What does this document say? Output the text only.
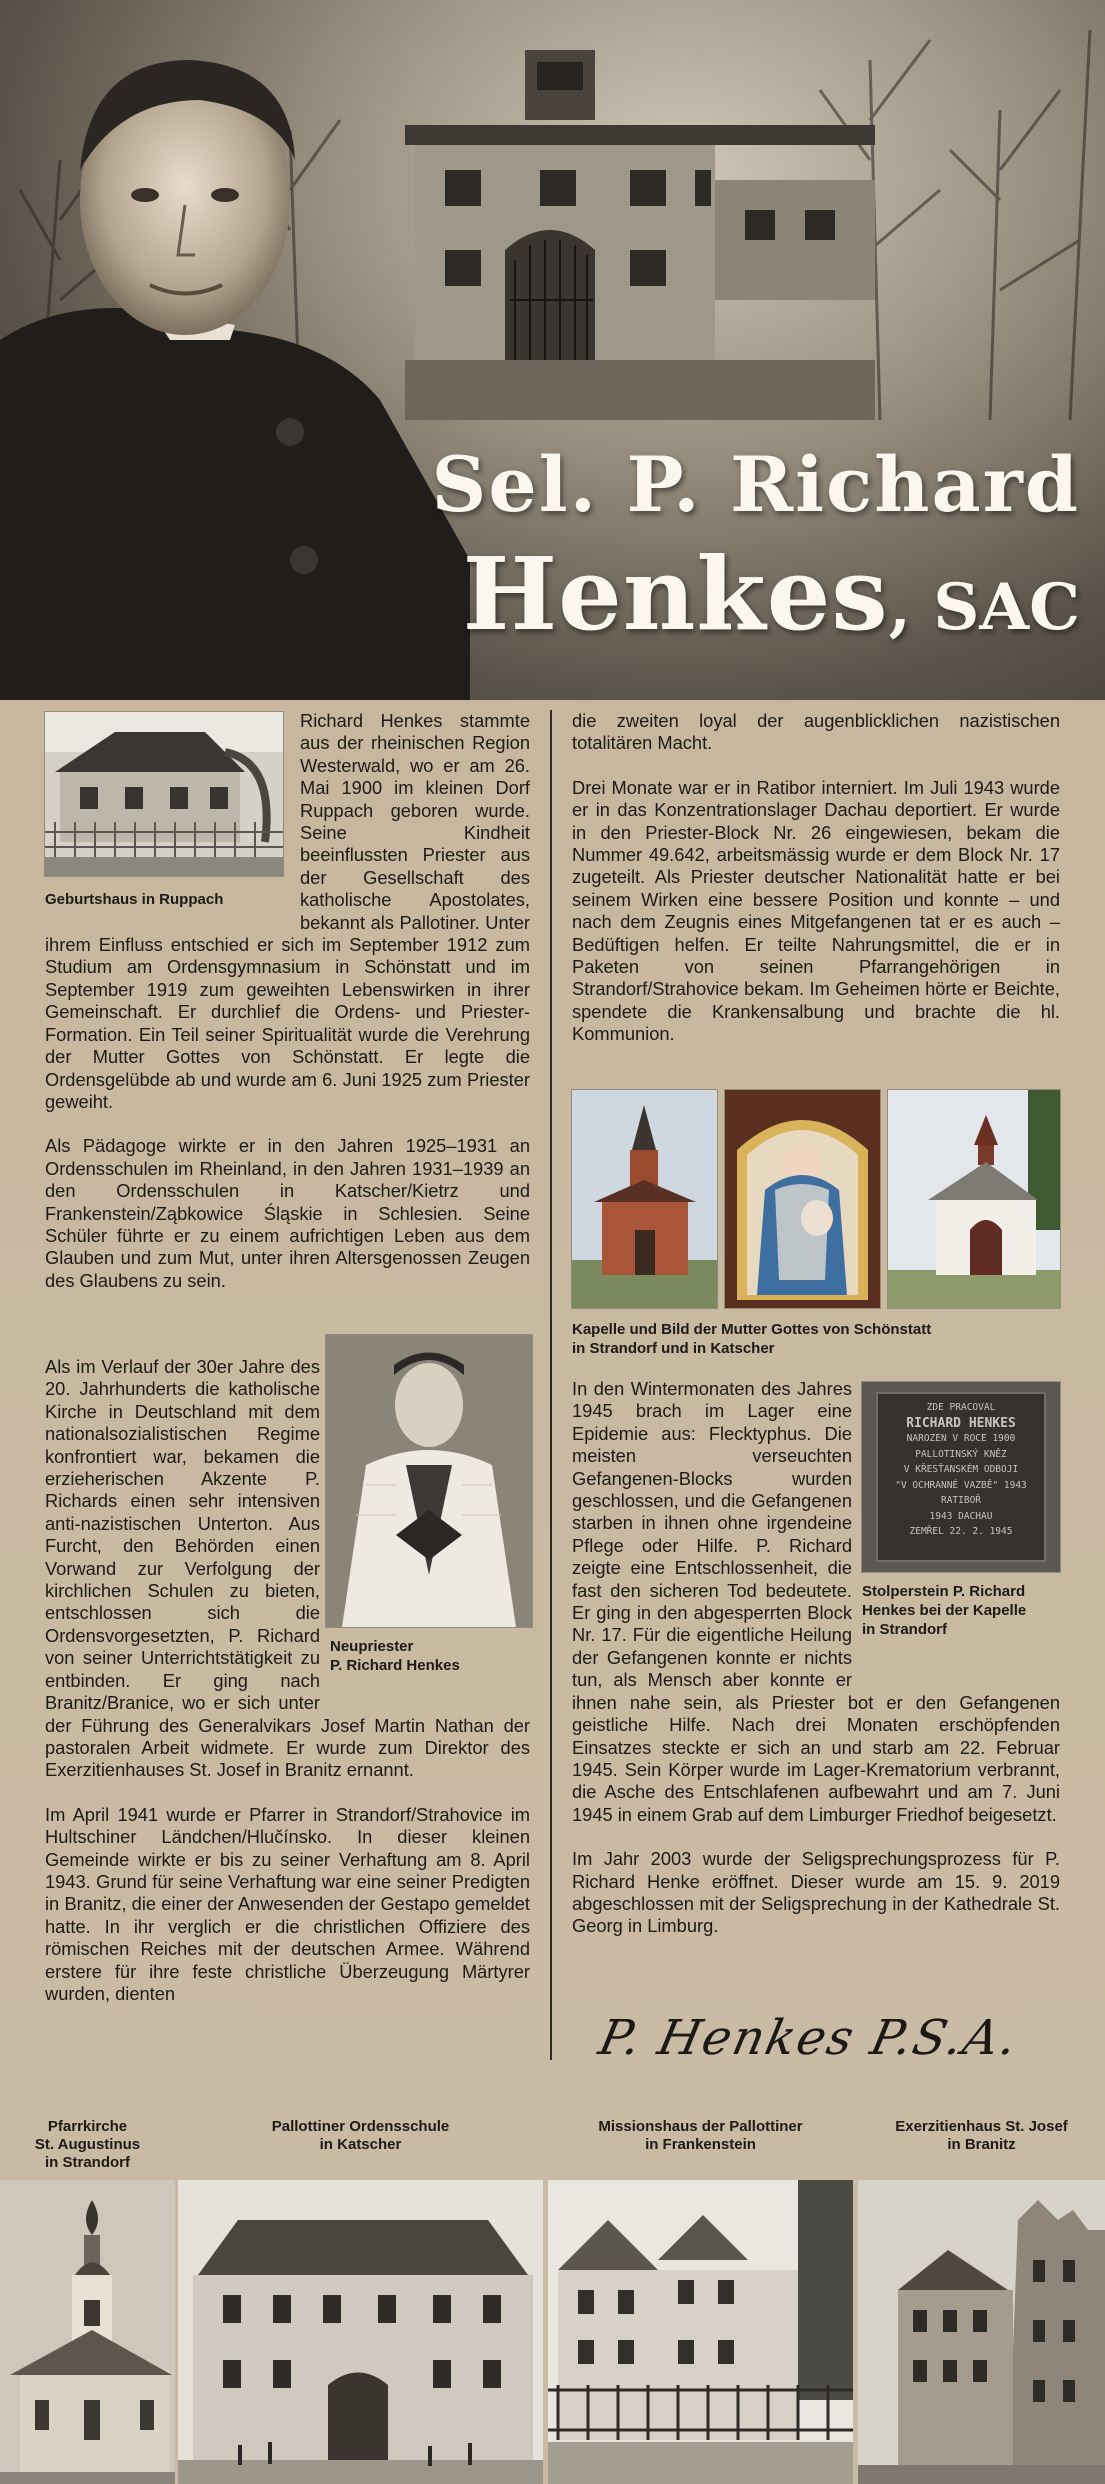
Sel. P. Richard
Henkes, SAC
Geburtshaus in Ruppach

Richard Henkes stammte aus der rheinischen Region Westerwald, wo er am 26. Mai 1900 im kleinen Dorf Ruppach geboren wurde. Seine Kindheit beeinflussten Priester aus der Gesellschaft des katholische Apostolates, bekannt als Pallotiner. Unter ihrem Einfluss entschied er sich im September 1912 zum Studium am Ordensgymnasium in Schönstatt und im September 1919 zum geweihten Lebenswirken in ihrer Gemeinschaft. Er durchlief die Ordens- und Priester-Formation. Ein Teil seiner Spiritualität wurde die Verehrung der Mutter Gottes von Schönstatt. Er legte die Ordensgelübde ab und wurde am 6. Juni 1925 zum Priester geweiht.

Als Pädagoge wirkte er in den Jahren 1925–1931 an Ordensschulen im Rheinland, in den Jahren 1931–1939 an den Ordensschulen in Katscher/Kietrz und Frankenstein/Ząbkowice Śląskie in Schlesien. Seine Schüler führte er zu einem aufrichtigen Leben aus dem Glauben und zum Mut, unter ihren Altersgenossen Zeugen des Glaubens zu sein.

Neupriester
P. Richard Henkes

Als im Verlauf der 30er Jahre des 20. Jahrhunderts die katholische Kirche in Deutschland mit dem nationalsozialistischen Regime konfrontiert war, bekamen die erzieherischen Akzente P. Richards einen sehr intensiven anti-nazistischen Unterton. Aus Furcht, den Behörden einen Vorwand zur Verfolgung der kirchlichen Schulen zu bieten, entschlossen sich die Ordensvorgesetzten, P. Richard von seiner Unterrichtstätigkeit zu entbinden. Er ging nach Branitz/Branice, wo er sich unter der Führung des Generalvikars Josef Martin Nathan der pastoralen Arbeit widmete. Er wurde zum Direktor des Exerzitienhauses St. Josef in Branitz ernannt.

Im April 1941 wurde er Pfarrer in Strandorf/Strahovice im Hultschiner Ländchen/Hlučínsko. In dieser kleinen Gemeinde wirkte er bis zu seiner Verhaftung am 8. April 1943. Grund für seine Verhaftung war eine seiner Predigten in Branitz, die einer der Anwesenden der Gestapo gemeldet hatte. In ihr verglich er die christlichen Offiziere des römischen Reiches mit der deutschen Armee. Während erstere für ihre feste christliche Überzeugung Märtyrer wurden, dienten

die zweiten loyal der augenblicklichen nazistischen totalitären Macht.

Drei Monate war er in Ratibor interniert. Im Juli 1943 wurde er in das Konzentrationslager Dachau deportiert. Er wurde in den Priester-Block Nr. 26 eingewiesen, bekam die Nummer 49.642, arbeitsmässig wurde er dem Block Nr. 17 zugeteilt. Als Priester deutscher Nationalität hatte er bei seinem Wirken eine bessere Position und konnte – und nach dem Zeugnis eines Mitgefangenen tat er es auch – Bedüftigen helfen. Er teilte Nahrungsmittel, die er in Paketen von seinen Pfarrangehörigen in Strandorf/Strahovice bekam. Im Geheimen hörte er Beichte, spendete die Krankensalbung und brachte die hl. Kommunion.

Kapelle und Bild der Mutter Gottes von Schönstatt
in Strandorf und in Katscher
ZDE PRACOVAL
RICHARD HENKES
NAROZEN V ROCE 1900
PALLOTINSKÝ KNĚZ
V KŘESŤANSKÉM ODBOJI
"V OCHRANNÉ VAZBĚ" 1943
RATIBOŘ
1943 DACHAU
ZEMŘEL 22. 2. 1945
Stolperstein P. Richard
Henkes bei der Kapelle
in Strandorf

In den Wintermonaten des Jahres 1945 brach im Lager eine Epidemie aus: Flecktyphus. Die meisten verseuchten Gefangenen-Blocks wurden geschlossen, und die Gefangenen starben in ihnen ohne irgendeine Pflege oder Hilfe. P. Richard zeigte eine Entschlossenheit, die fast den sicheren Tod bedeutete. Er ging in den abgesperrten Block Nr. 17. Für die eigentliche Heilung der Gefangenen konnte er nichts tun, als Mensch aber konnte er ihnen nahe sein, als Priester bot er den Gefangenen geistliche Hilfe. Nach drei Monaten erschöpfenden Einsatzes steckte er sich an und starb am 22. Februar 1945. Sein Körper wurde im Lager-Krematorium verbrannt, die Asche des Entschlafenen aufbewahrt und am 7. Juni 1945 in einem Grab auf dem Limburger Friedhof beigesetzt.

Im Jahr 2003 wurde der Seligsprechungsprozess für P. Richard Henke eröffnet. Dieser wurde am 15. 9. 2019 abgeschlossen mit der Seligsprechung in der Kathedrale St. Georg in Limburg.

P. Henkes P.S.A.
Pfarrkirche
St. Augustinus
in Strandorf
Pallottiner Ordensschule
in Katscher
Missionshaus der Pallottiner
in Frankenstein
Exerzitienhaus St. Josef
in Branitz
